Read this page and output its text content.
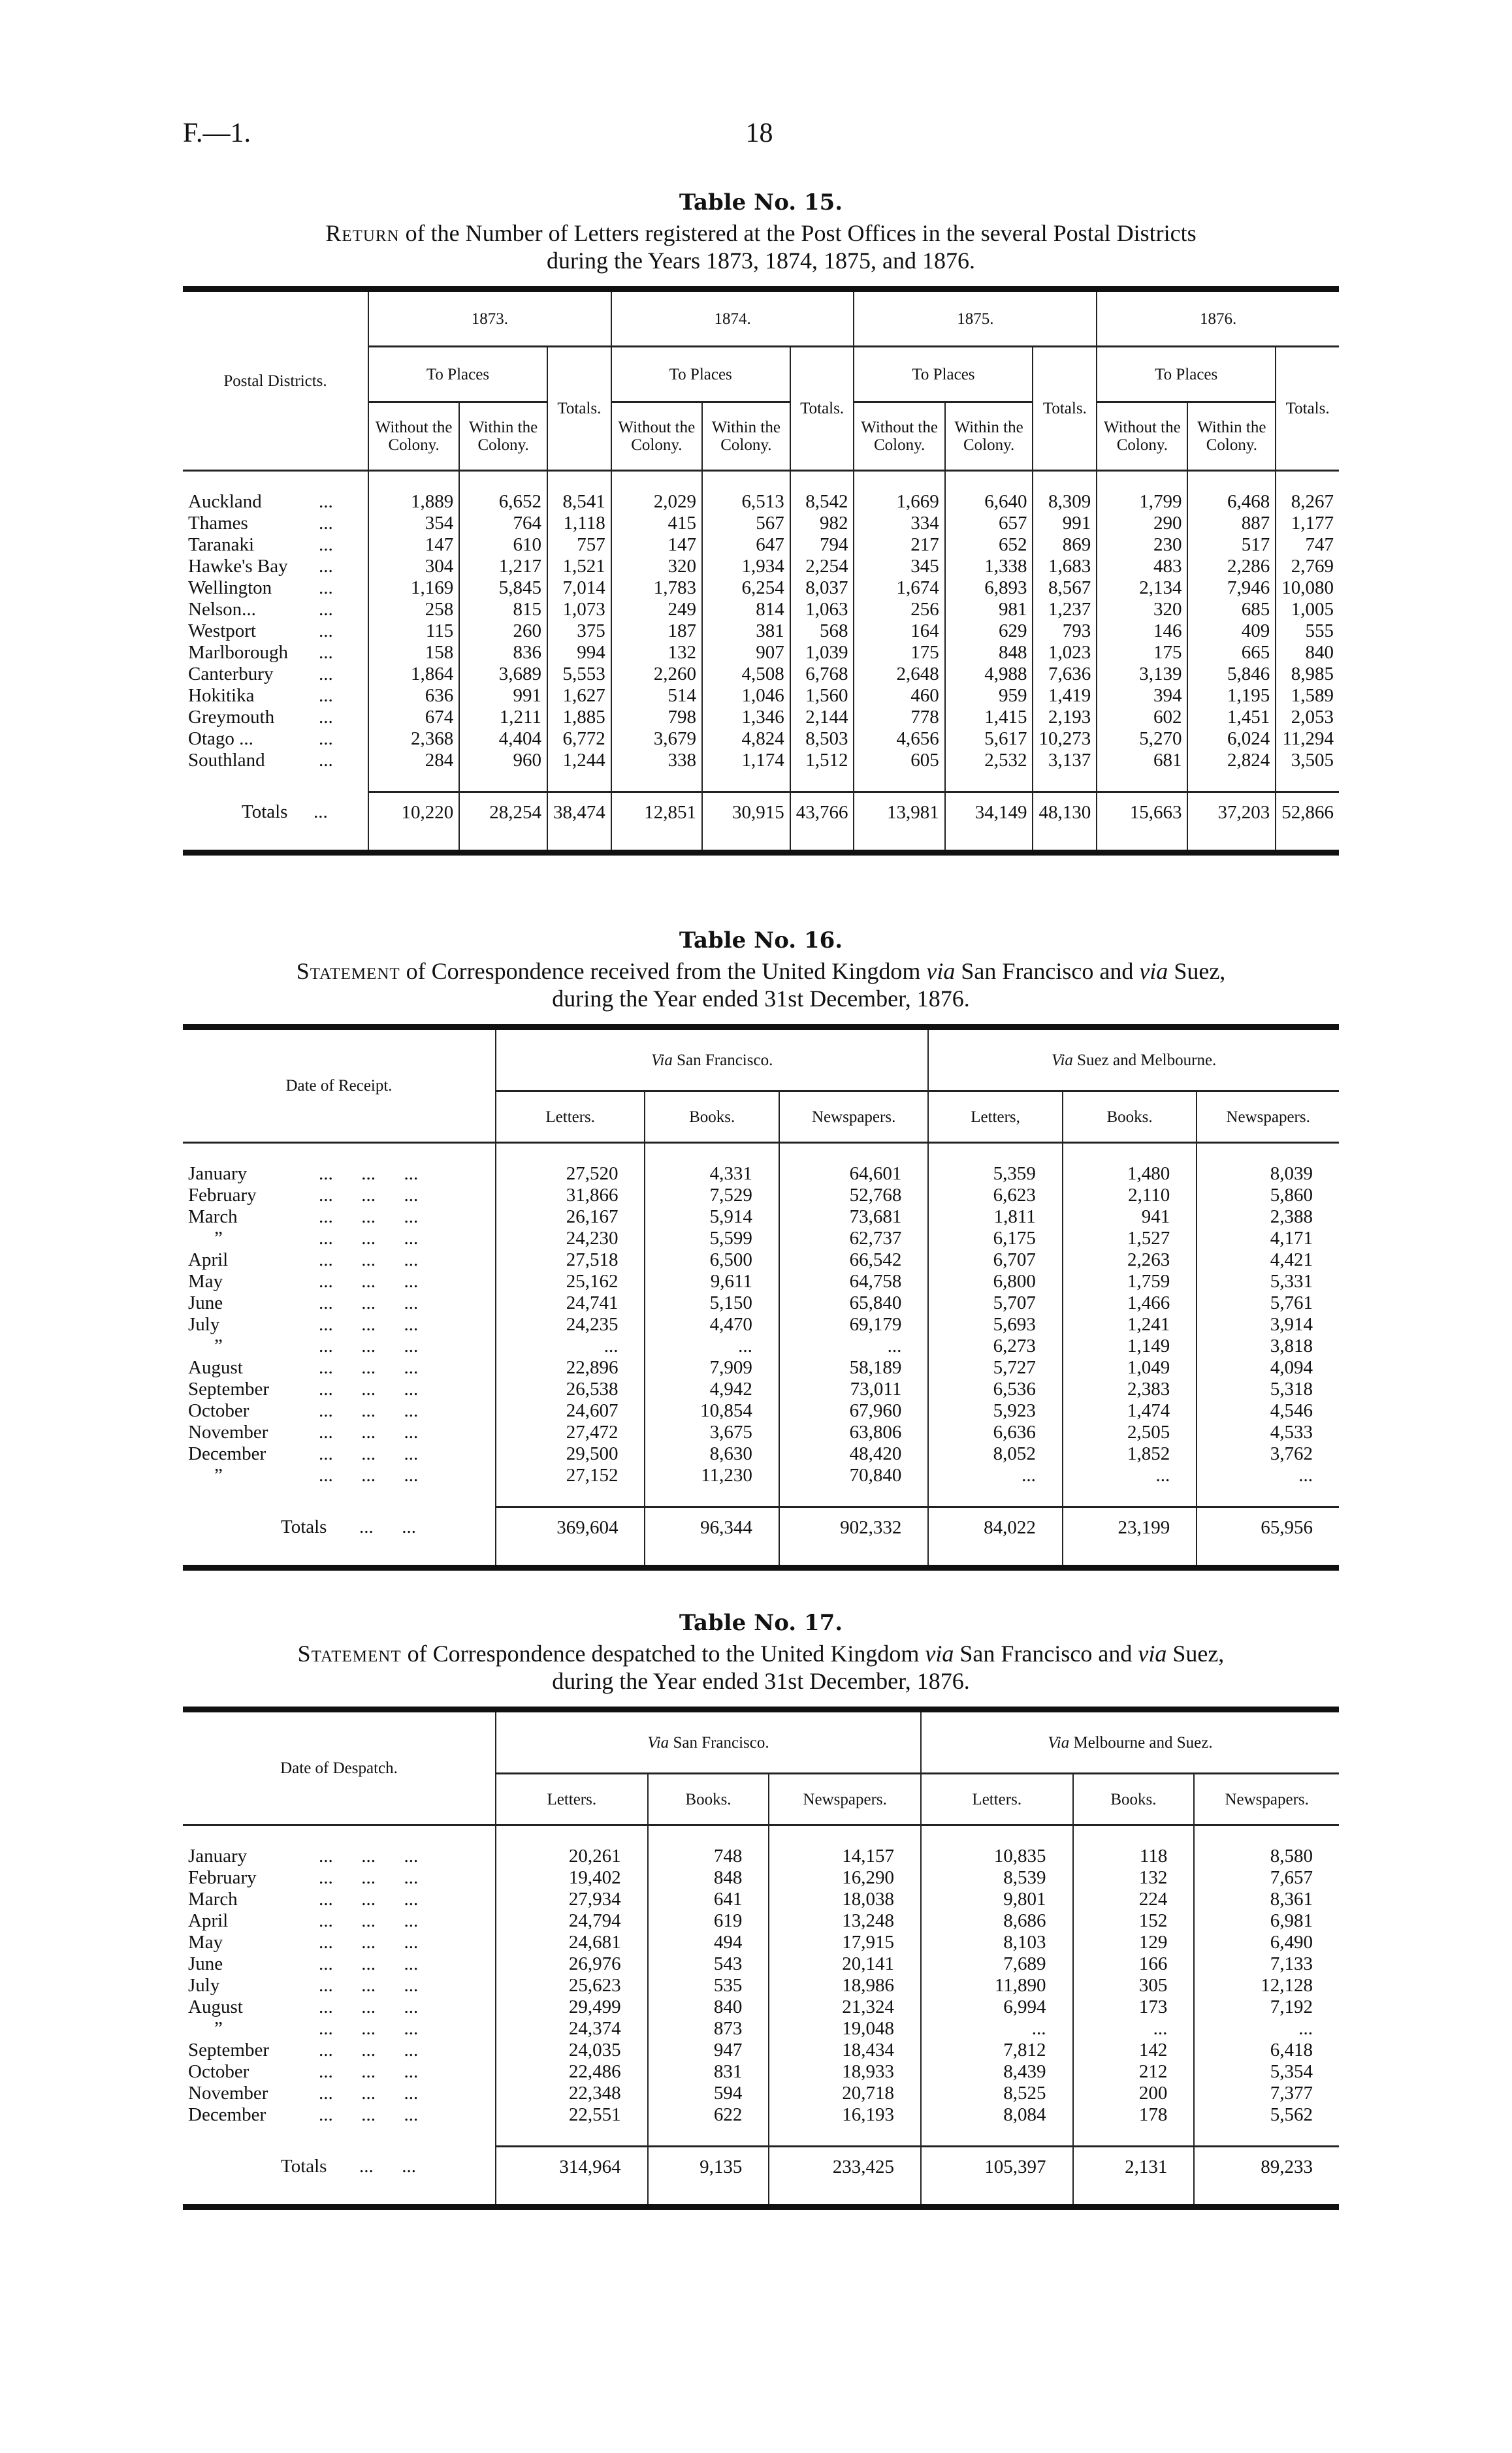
F.—1.	18
Table No. 15.
Return of the Number of Letters registered at the Post Offices in the several Postal Districts
during the Years 1873, 1874, 1875, and 1876.
Postal Districts.	1873.			1874.			1875.			1876.		
	To Places		Totals.	To Places		Totals.	To Places		Totals.	To Places		Totals.
	Without the Colony.	Within the Colony.		Without the Colony.	Within the Colony.		Without the Colony.	Within the Colony.		Without the Colony.	Within the Colony.	

Auckland ...	1,889	6,652	8,541	2,029	6,513	8,542	1,669	6,640	8,309	1,799	6,468	8,267
Thames ...	354	764	1,118	415	567	982	334	657	991	290	887	1,177
Taranaki ...	147	610	757	147	647	794	217	652	869	230	517	747
Hawke's Bay ...	304	1,217	1,521	320	1,934	2,254	345	1,338	1,683	483	2,286	2,769
Wellington ...	1,169	5,845	7,014	1,783	6,254	8,037	1,674	6,893	8,567	2,134	7,946	10,080
Nelson... ...	258	815	1,073	249	814	1,063	256	981	1,237	320	685	1,005
Westport ...	115	260	375	187	381	568	164	629	793	146	409	555
Marlborough ...	158	836	994	132	907	1,039	175	848	1,023	175	665	840
Canterbury ...	1,864	3,689	5,553	2,260	4,508	6,768	2,648	4,988	7,636	3,139	5,846	8,985
Hokitika ...	636	991	1,627	514	1,046	1,560	460	959	1,419	394	1,195	1,589
Greymouth ...	674	1,211	1,885	798	1,346	2,144	778	1,415	2,193	602	1,451	2,053
Otago ... ...	2,368	4,404	6,772	3,679	4,824	8,503	4,656	5,617	10,273	5,270	6,024	11,294
Southland ...	284	960	1,244	338	1,174	1,512	605	2,532	3,137	681	2,824	3,505

Totals ...	10,220	28,254	38,474	12,851	30,915	43,766	13,981	34,149	48,130	15,663	37,203	52,866
Table No. 16.
Statement of Correspondence received from the United Kingdom via San Francisco and via Suez,
during the Year ended 31st December, 1876.
Date of Receipt.	Via San Francisco.			Via Suez and Melbourne.		
	Letters.	Books.	Newspapers.	Letters,	Books.	Newspapers.

January ...      ...      ...	27,520	4,331	64,601	5,359	1,480	8,039
February ...      ...      ...	31,866	7,529	52,768	6,623	2,110	5,860
March ...      ...      ...	26,167	5,914	73,681	1,811	941	2,388
” ...      ...      ...	24,230	5,599	62,737	6,175	1,527	4,171
April ...      ...      ...	27,518	6,500	66,542	6,707	2,263	4,421
May ...      ...      ...	25,162	9,611	64,758	6,800	1,759	5,331
June ...      ...      ...	24,741	5,150	65,840	5,707	1,466	5,761
July ...      ...      ...	24,235	4,470	69,179	5,693	1,241	3,914
” ...      ...      ...	...	...	...	6,273	1,149	3,818
August ...      ...      ...	22,896	7,909	58,189	5,727	1,049	4,094
September ...      ...      ...	26,538	4,942	73,011	6,536	2,383	5,318
October ...      ...      ...	24,607	10,854	67,960	5,923	1,474	4,546
November ...      ...      ...	27,472	3,675	63,806	6,636	2,505	4,533
December ...      ...      ...	29,500	8,630	48,420	8,052	1,852	3,762
” ...      ...      ...	27,152	11,230	70,840	...	...	...

Totals ...      ...	369,604	96,344	902,332	84,022	23,199	65,956
Table No. 17.
Statement of Correspondence despatched to the United Kingdom via San Francisco and via Suez,
during the Year ended 31st December, 1876.
Date of Despatch.	Via San Francisco.			Via Melbourne and Suez.		
	Letters.	Books.	Newspapers.	Letters.	Books.	Newspapers.

January ...      ...      ...	20,261	748	14,157	10,835	118	8,580
February ...      ...      ...	19,402	848	16,290	8,539	132	7,657
March ...      ...      ...	27,934	641	18,038	9,801	224	8,361
April ...      ...      ...	24,794	619	13,248	8,686	152	6,981
May ...      ...      ...	24,681	494	17,915	8,103	129	6,490
June ...      ...      ...	26,976	543	20,141	7,689	166	7,133
July ...      ...      ...	25,623	535	18,986	11,890	305	12,128
August ...      ...      ...	29,499	840	21,324	6,994	173	7,192
” ...      ...      ...	24,374	873	19,048	...	...	...
September ...      ...      ...	24,035	947	18,434	7,812	142	6,418
October ...      ...      ...	22,486	831	18,933	8,439	212	5,354
November ...      ...      ...	22,348	594	20,718	8,525	200	7,377
December ...      ...      ...	22,551	622	16,193	8,084	178	5,562

Totals ...      ...	314,964	9,135	233,425	105,397	2,131	89,233
